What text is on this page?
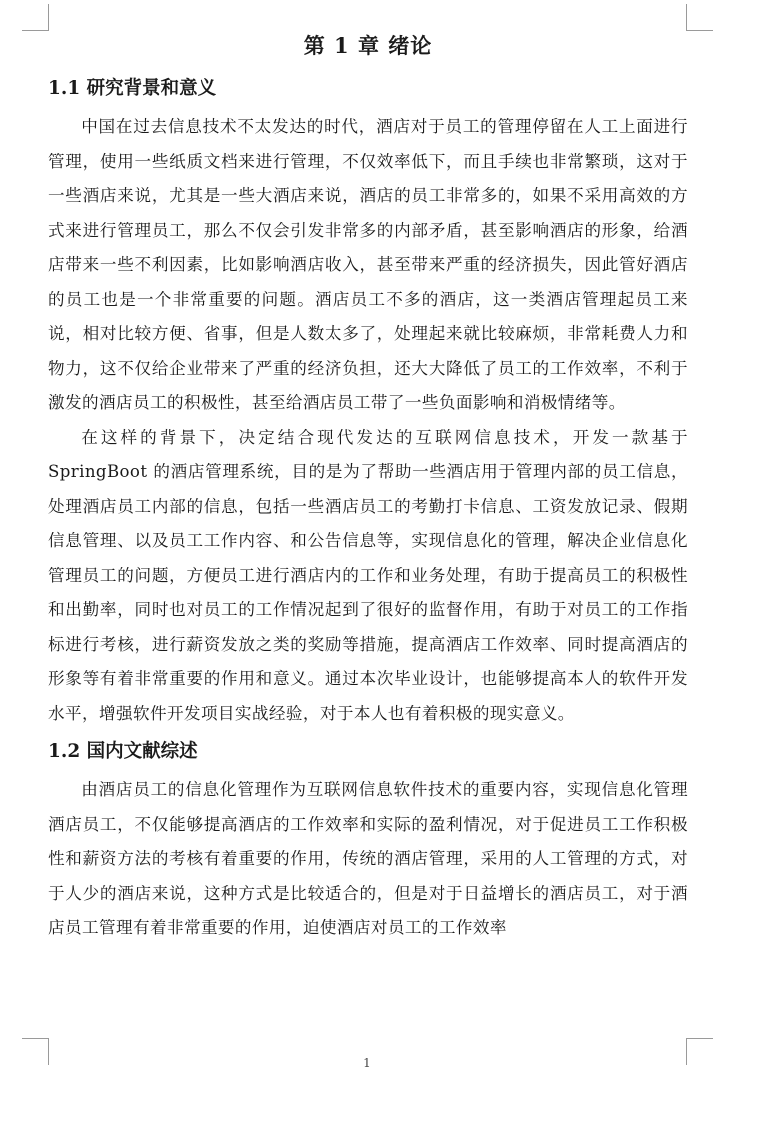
第 1 章 绪论
1.1 研究背景和意义

中国在过去信息技术不太发达的时代，酒店对于员工的管理停留在人工上面进行管理，使用一些纸质文档来进行管理，不仅效率低下，而且手续也非常繁琐，这对于一些酒店来说，尤其是一些大酒店来说，酒店的员工非常多的，如果不采用高效的方式来进行管理员工，那么不仅会引发非常多的内部矛盾，甚至影响酒店的形象，给酒店带来一些不利因素，比如影响酒店收入，甚至带来严重的经济损失，因此管好酒店的员工也是一个非常重要的问题。酒店员工不多的酒店，这一类酒店管理起员工来说，相对比较方便、省事，但是人数太多了，处理起来就比较麻烦，非常耗费人力和物力，这不仅给企业带来了严重的经济负担，还大大降低了员工的工作效率，不利于激发的酒店员工的积极性，甚至给酒店员工带了一些负面影响和消极情绪等。

在这样的背景下，决定结合现代发达的互联网信息技术，开发一款基于 SpringBoot 的酒店管理系统，目的是为了帮助一些酒店用于管理内部的员工信息，处理酒店员工内部的信息，包括一些酒店员工的考勤打卡信息、工资发放记录、假期信息管理、以及员工工作内容、和公告信息等，实现信息化的管理，解决企业信息化管理员工的问题，方便员工进行酒店内的工作和业务处理，有助于提高员工的积极性和出勤率，同时也对员工的工作情况起到了很好的监督作用，有助于对员工的工作指标进行考核，进行薪资发放之类的奖励等措施，提高酒店工作效率、同时提高酒店的形象等有着非常重要的作用和意义。通过本次毕业设计，也能够提高本人的软件开发水平，增强软件开发项目实战经验，对于本人也有着积极的现实意义。

1.2 国内文献综述

由酒店员工的信息化管理作为互联网信息软件技术的重要内容，实现信息化管理酒店员工，不仅能够提高酒店的工作效率和实际的盈利情况，对于促进员工工作积极性和薪资方法的考核有着重要的作用，传统的酒店管理，采用的人工管理的方式，对于人少的酒店来说，这种方式是比较适合的，但是对于日益增长的酒店员工，对于酒店员工管理有着非常重要的作用，迫使酒店对员工的工作效率

1
